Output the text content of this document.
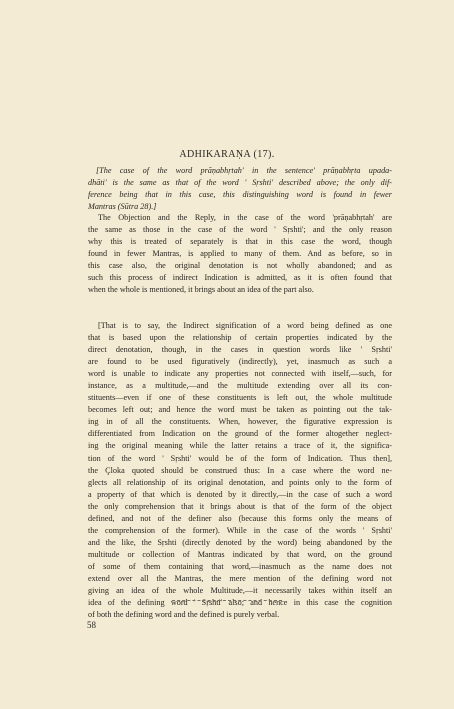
ADHIKARAṆA (17).
[The case of the word prāṇabhṛtah' in the sentence' prāṇabhṛta upada-
dhāti' is the same as that of the word ' Sṛshti' described above; the only dif-
ference being that in this case, this distinguishing word is found in fewer
Mantras (Sūtra 28).]
The Objection and the Reply, in the case of the word 'prāṇabhṛtah' are
the same as those in the case of the word ' Sṛshti'; and the only reason
why this is treated of separately is that in this case the word, though
found in fewer Mantras, is applied to many of them. And as before, so in
this case also, the original denotation is not wholly abandoned; and as
such this process of indirect Indication is admitted, as it is often found that
when the whole is mentioned, it brings about an idea of the part also.
[That is to say, the Indirect signification of a word being defined as one
that is based upon the relationship of certain properties indicated by the
direct denotation, though, in the cases in question words like ' Sṛshti'
are found to be used figuratively (indirectly), yet, inasmuch as such a
word is unable to indicate any properties not connected with itself,—such, for
instance, as a multitude,—and the multitude extending over all its con-
stituents—even if one of these constituents is left out, the whole multitude
becomes left out; and hence the word must be taken as pointing out the tak-
ing in of all the constituents. When, however, the figurative expression is
differentiated from Indication on the ground of the former altogether neglect-
ing the original meaning while the latter retains a trace of it, the significa-
tion of the word ' Sṛshti' would be of the form of Indication. Thus then],
the Çloka quoted should be construed thus: In a case where the word ne-
glects all relationship of its original denotation, and points only to the form of
a property of that which is denoted by it directly,—in the case of such a word
the only comprehension that it brings about is that of the form of the object
defined, and not of the definer also (because this forms only the means of
the comprehension of the former). While in the case of the words ' Sṛshti'
and the like, the Sṛshti (directly denoted by the word) being abandoned by the
multitude or collection of Mantras indicated by that word, on the ground
of some of them containing that word,—inasmuch as the name does not
extend over all the Mantras, the mere mention of the defining word not
giving an idea of the whole Multitude,—it necessarily takes within itself an
idea of the defining word ' Sṛshti' also; and hence in this case the cognition
of both the defining word and the defined is purely verbal.
58
